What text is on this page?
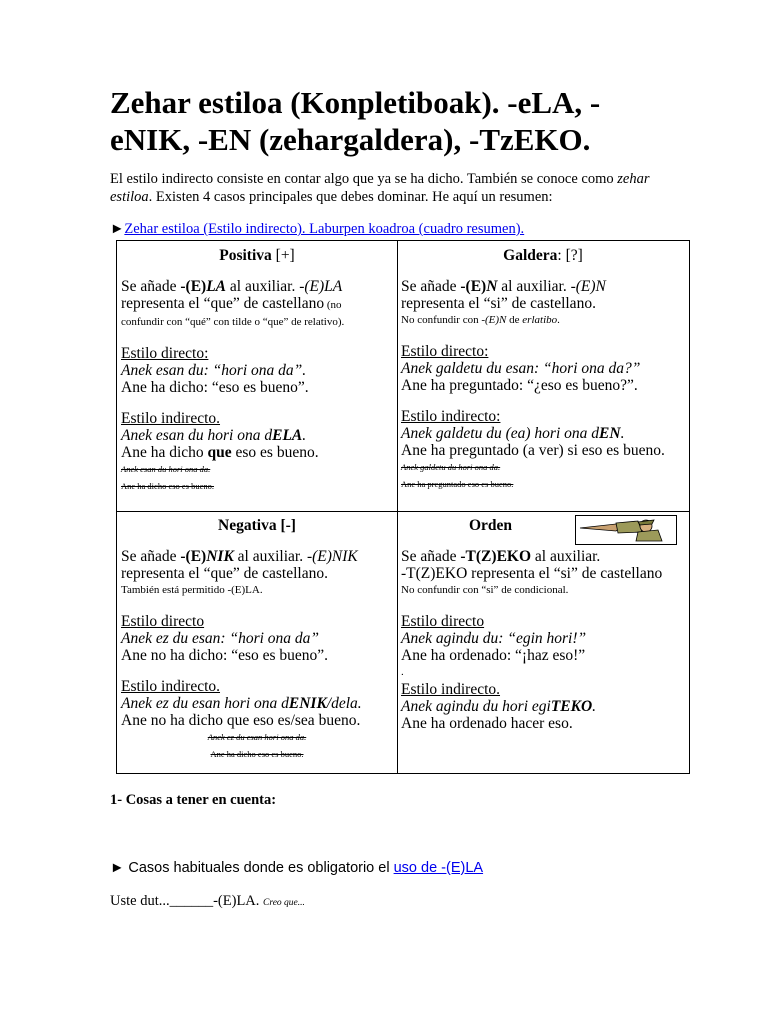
Zehar estiloa (Konpletiboak). -eLA, -eNIK, -EN (zehargaldera), -TzEKO.

El estilo indirecto consiste en contar algo que ya se ha dicho. También se conoce como zehar estiloa. Existen 4 casos principales que debes dominar. He aquí un resumen:

►Zehar estiloa (Estilo indirecto). Laburpen koadroa (cuadro resumen).

Positiva [+]

Se añade -(E)LA al auxiliar. -(E)LA

representa el “que” de castellano (no

confundir con “qué” con tilde o “que” de relativo).

Estilo directo:

Anek esan du: “hori ona da”.

Ane ha dicho: “eso es bueno”.

Estilo indirecto.

Anek esan du hori ona dELA.

Ane ha dicho que eso es bueno.

Anek esan du hori ona da.

Ane ha dicho eso es bueno.

Galdera: [?]

Se añade -(E)N al auxiliar. -(E)N

representa el “si” de castellano.

No confundir con -(E)N de erlatibo.

Estilo directo:

Anek galdetu du esan: “hori ona da?”

Ane ha preguntado: “¿eso es bueno?”.

Estilo indirecto:

Anek galdetu du (ea) hori ona dEN.

Ane ha preguntado (a ver) si eso es bueno.

Anek galdetu du hori ona da.

Ane ha preguntado eso es bueno.

Negativa [-]

Se añade -(E)NIK al auxiliar. -(E)NIK

representa el “que” de castellano.

También está permitido -(E)LA.

Estilo directo

Anek ez du esan: “hori ona da”

Ane no ha dicho: “eso es bueno”.

Estilo indirecto.

Anek ez du esan hori ona dENIK/dela.

Ane no ha dicho que eso es/sea bueno.

Anek ez du esan hori ona da.

Ane ha dicho eso es bueno.

Orden

Se añade -T(Z)EKO al auxiliar.

-T(Z)EKO representa el “si” de castellano

No confundir con “si” de condicional.

Estilo directo

Anek agindu du: “egin hori!”

Ane ha ordenado: “¡haz eso!”

.

Estilo indirecto.

Anek agindu du hori egiTEKO.

Ane ha ordenado hacer eso.

1- Cosas a tener en cuenta:
► Casos habituales donde es obligatorio el uso de -(E)LA
Uste dut...______-(E)LA. Creo que...
